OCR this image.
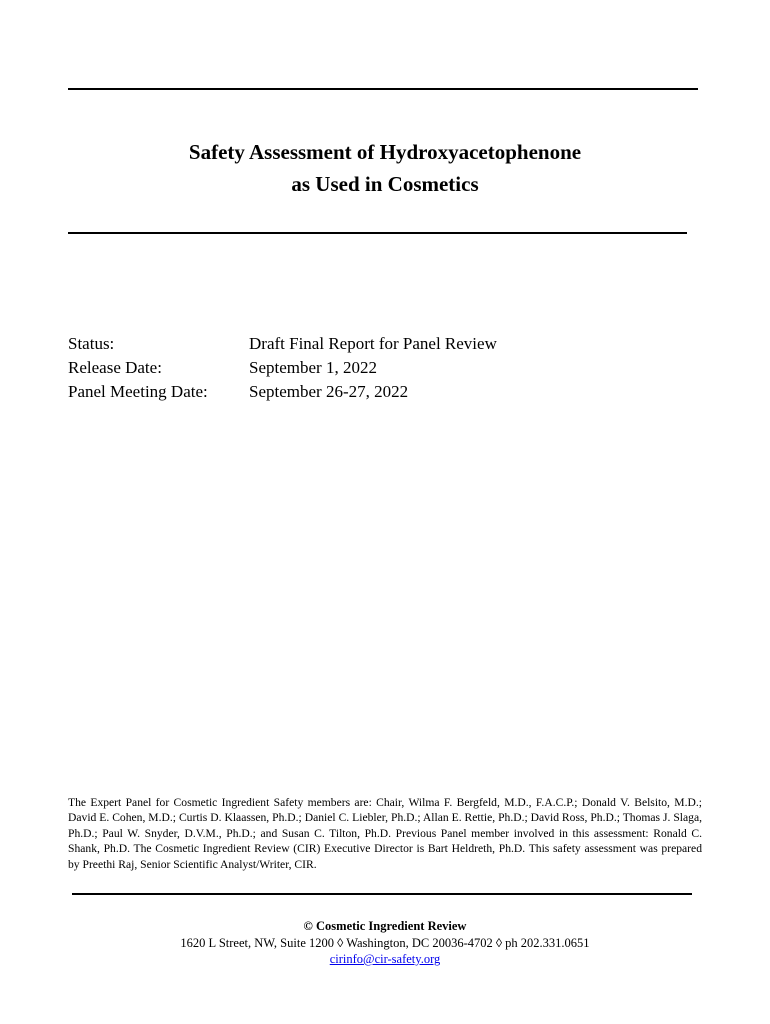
Safety Assessment of Hydroxyacetophenone
as Used in Cosmetics
Status:	Draft Final Report for Panel Review
Release Date:	September 1, 2022
Panel Meeting Date:	September 26-27, 2022
The Expert Panel for Cosmetic Ingredient Safety members are: Chair, Wilma F. Bergfeld, M.D., F.A.C.P.; Donald V. Belsito, M.D.; David E. Cohen, M.D.; Curtis D. Klaassen, Ph.D.; Daniel C. Liebler, Ph.D.; Allan E. Rettie, Ph.D.; David Ross, Ph.D.; Thomas J. Slaga, Ph.D.; Paul W. Snyder, D.V.M., Ph.D.; and Susan C. Tilton, Ph.D. Previous Panel member involved in this assessment: Ronald C. Shank, Ph.D. The Cosmetic Ingredient Review (CIR) Executive Director is Bart Heldreth, Ph.D. This safety assessment was prepared by Preethi Raj, Senior Scientific Analyst/Writer, CIR.
© Cosmetic Ingredient Review
1620 L Street, NW, Suite 1200 ◊ Washington, DC 20036-4702 ◊ ph 202.331.0651
cirinfo@cir-safety.org
